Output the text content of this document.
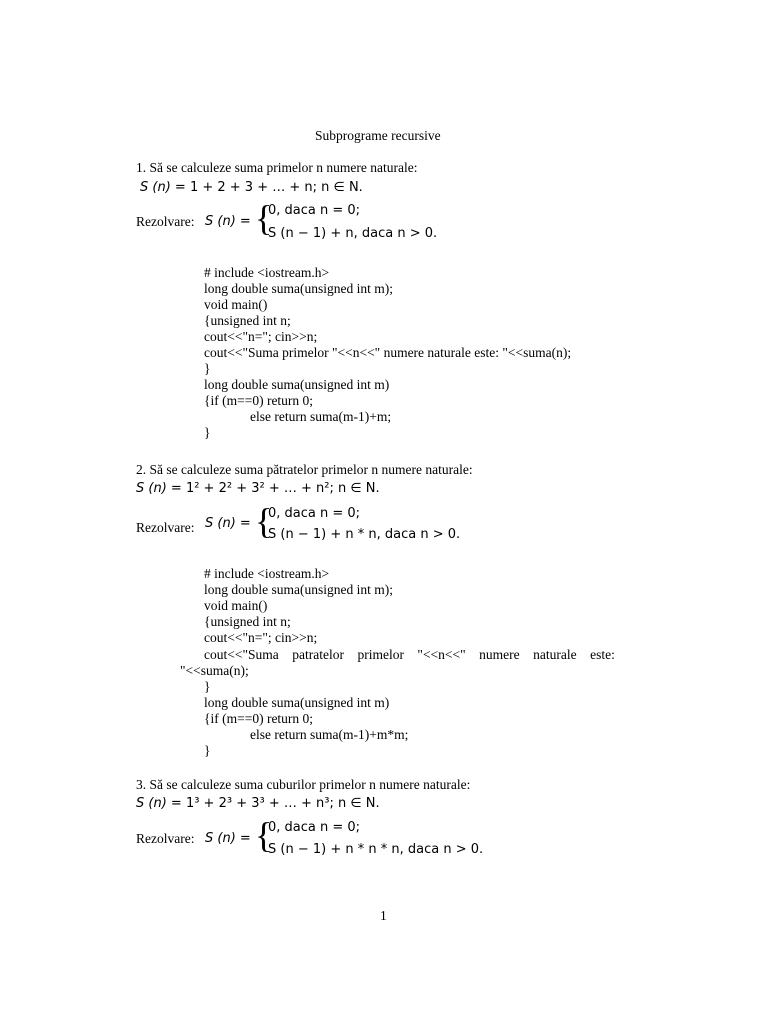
Subprograme recursive
1. Să se calculeze suma primelor n numere naturale:
S (n) = 1 + 2 + 3 + … + n; n ∈ N.
Rezolvare: S (n) = {
0, daca n = 0;
S (n − 1) + n, daca n > 0.
# include <iostream.h>
long double suma(unsigned int m);
void main()
{unsigned int n;
cout<<"n="; cin>>n;
cout<<"Suma primelor "<<n<<" numere naturale este: "<<suma(n);
}
long double suma(unsigned int m)
{if (m==0) return 0;
else return suma(m-1)+m;
}
2. Să se calculeze suma pătratelor primelor n numere naturale:
S (n) = 1² + 2² + 3² + … + n²; n ∈ N.
Rezolvare: S (n) = {
0, daca n = 0;
S (n − 1) + n * n, daca n > 0.
# include <iostream.h>
long double suma(unsigned int m);
void main()
{unsigned int n;
cout<<"n="; cin>>n;
cout<<"Suma    patratelor    primelor    "<<n<<"    numere    naturale    este:
"<<suma(n);
}
long double suma(unsigned int m)
{if (m==0) return 0;
else return suma(m-1)+m*m;
}
3. Să se calculeze suma cuburilor primelor n numere naturale:
S (n) = 1³ + 2³ + 3³ + … + n³; n ∈ N.
Rezolvare: S (n) = {
0, daca n = 0;
S (n − 1) + n * n * n, daca n > 0.
1
